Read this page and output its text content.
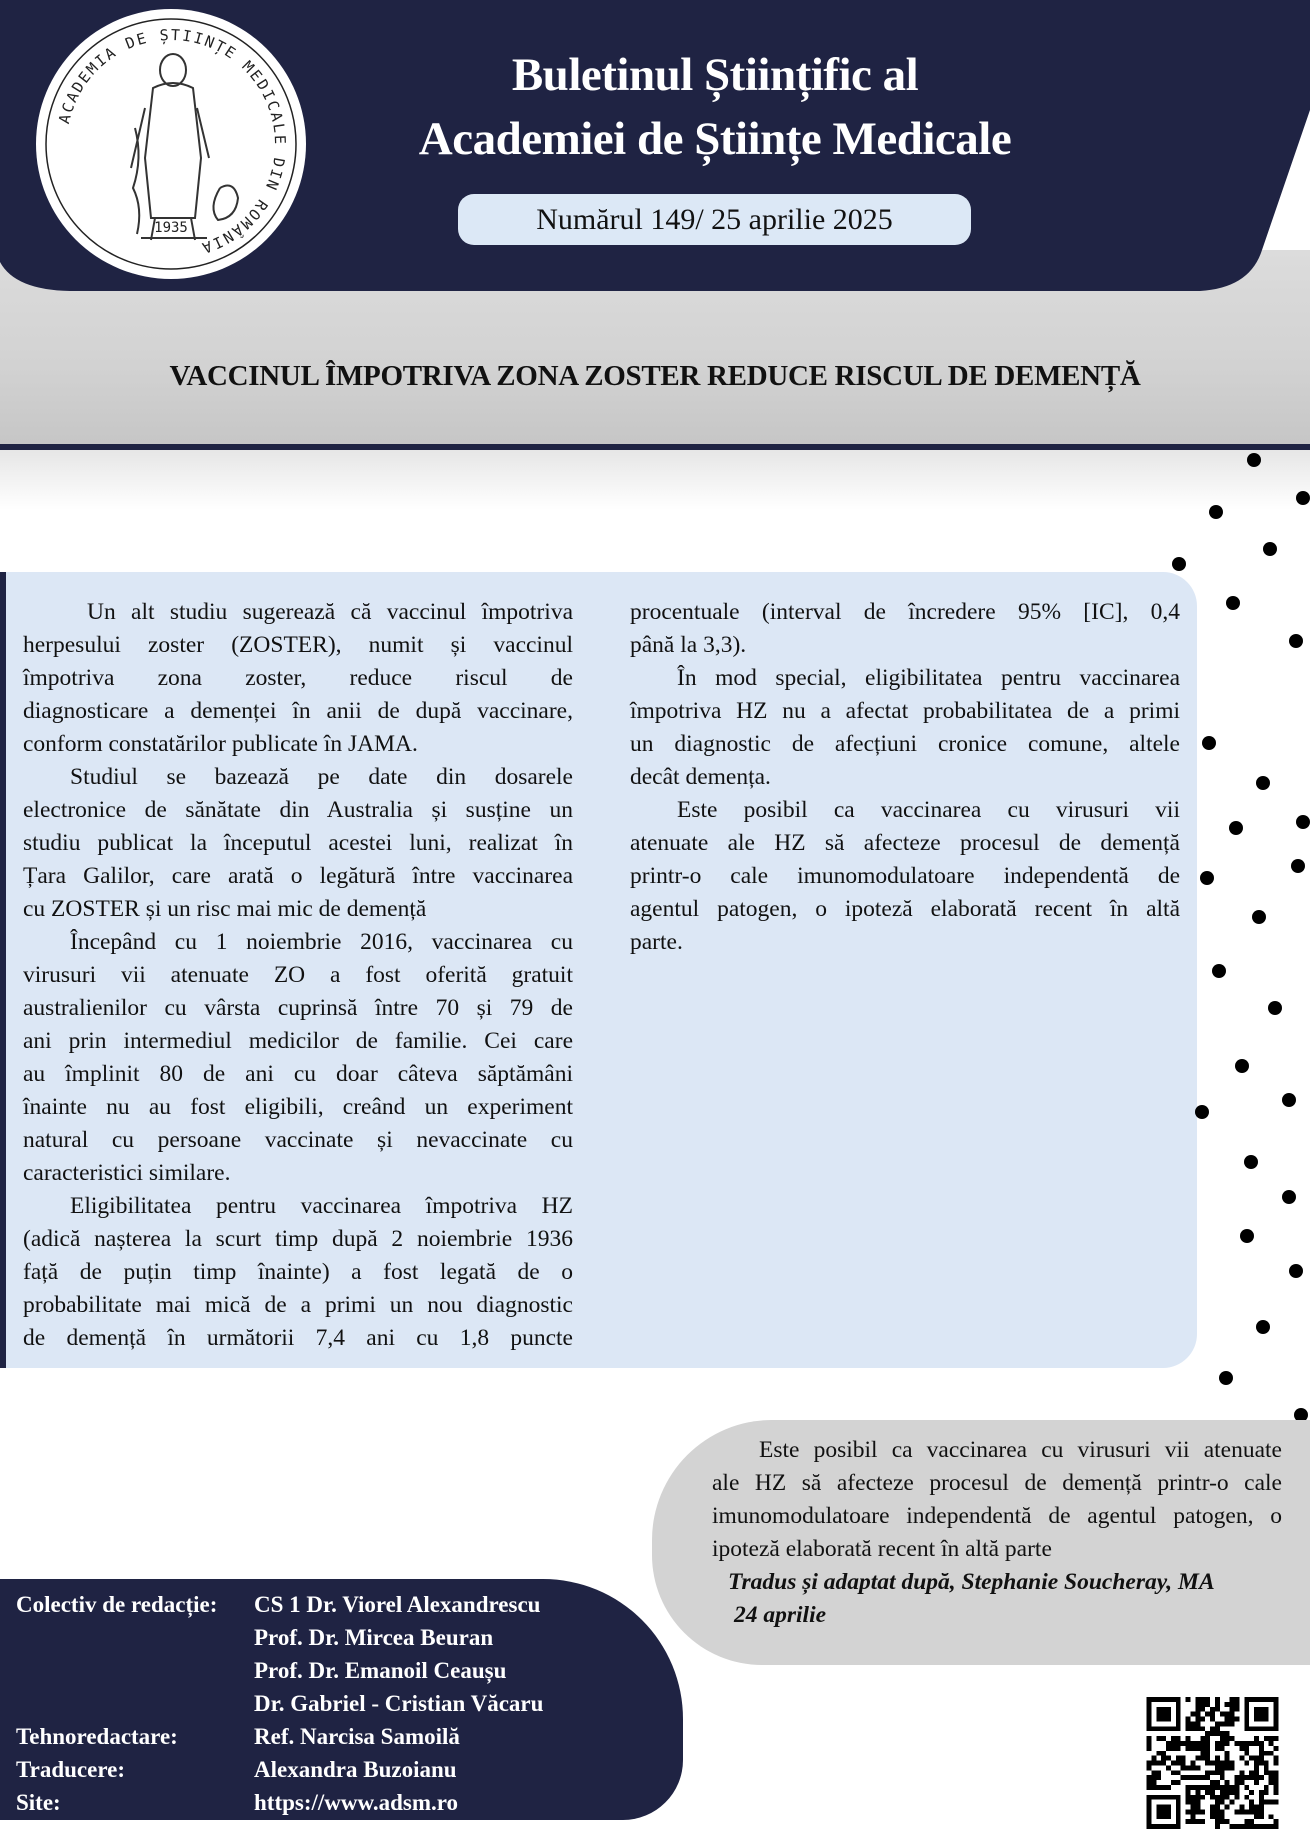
ACADEMIA DE ȘTIINȚE MEDICALE DIN ROMÂNIA
1935
Buletinul Științific al
Academiei de Științe Medicale
Numărul 149/ 25 aprilie 2025
VACCINUL ÎMPOTRIVA ZONA ZOSTER REDUCE RISCUL DE DEMENȚĂ
Un alt studiu sugerează că vaccinul împotriva
herpesului zoster (ZOSTER), numit și vaccinul
împotriva zona zoster, reduce riscul de
diagnosticare a demenței în anii de după vaccinare,
conform constatărilor publicate în JAMA.
Studiul se bazează pe date din dosarele
electronice de sănătate din Australia și susține un
studiu publicat la începutul acestei luni, realizat în
Țara Galilor, care arată o legătură între vaccinarea
cu ZOSTER și un risc mai mic de demență
Începând cu 1 noiembrie 2016, vaccinarea cu
virusuri vii atenuate ZO a fost oferită gratuit
australienilor cu vârsta cuprinsă între 70 și 79 de
ani prin intermediul medicilor de familie. Cei care
au împlinit 80 de ani cu doar câteva săptămâni
înainte nu au fost eligibili, creând un experiment
natural cu persoane vaccinate și nevaccinate cu
caracteristici similare.
Eligibilitatea pentru vaccinarea împotriva HZ
(adică nașterea la scurt timp după 2 noiembrie 1936
față de puțin timp înainte) a fost legată de o
probabilitate mai mică de a primi un nou diagnostic
de demență în următorii 7,4 ani cu 1,8 puncte
procentuale (interval de încredere 95% [IC], 0,4
până la 3,3).
În mod special, eligibilitatea pentru vaccinarea
împotriva HZ nu a afectat probabilitatea de a primi
un diagnostic de afecțiuni cronice comune, altele
decât demența.
Este posibil ca vaccinarea cu virusuri vii
atenuate ale HZ să afecteze procesul de demență
printr-o cale imunomodulatoare independentă de
agentul patogen, o ipoteză elaborată recent în altă
parte.
Este posibil ca vaccinarea cu virusuri vii atenuate
ale HZ să afecteze procesul de demență printr-o cale
imunomodulatoare independentă de agentul patogen, o
ipoteză elaborată recent în altă parte
Tradus și adaptat după, Stephanie Soucheray, MA
24 aprilie
Colectiv de redacție:	CS 1 Dr. Viorel Alexandrescu
Prof. Dr. Mircea Beuran
Prof. Dr. Emanoil Ceaușu
Dr. Gabriel - Cristian Văcaru
Tehnoredactare:	Ref. Narcisa Samoilă
Traducere:	Alexandra Buzoianu
Site:	https://www.adsm.ro
